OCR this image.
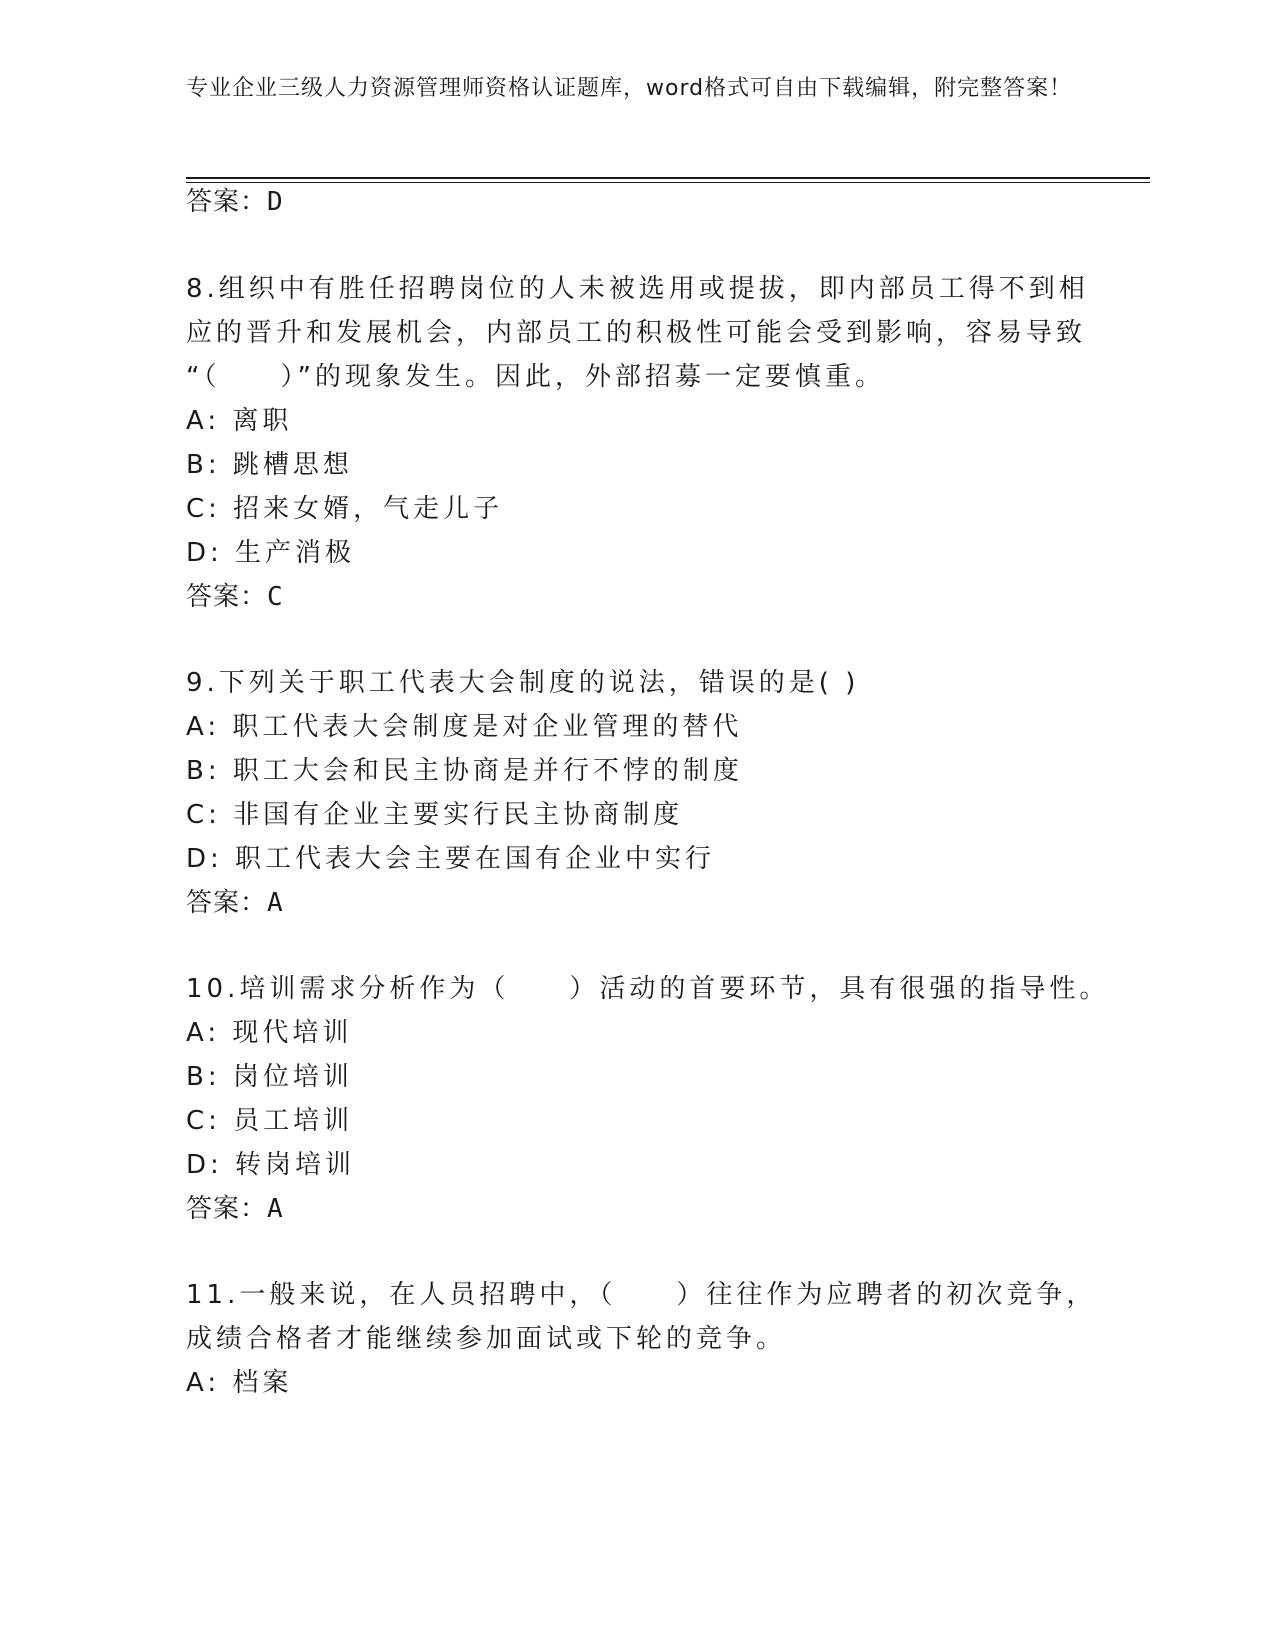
专业企业三级人力资源管理师资格认证题库，word格式可自由下载编辑，附完整答案！
答案：D
8.组织中有胜任招聘岗位的人未被选用或提拔，即内部员工得不到相
应的晋升和发展机会，内部员工的积极性可能会受到影响，容易导致
“（　　）”的现象发生。因此，外部招募一定要慎重。
A: 离职
B: 跳槽思想
C: 招来女婿，气走儿子
D: 生产消极
答案：C
9.下列关于职工代表大会制度的说法，错误的是( )
A: 职工代表大会制度是对企业管理的替代
B: 职工大会和民主协商是并行不悖的制度
C: 非国有企业主要实行民主协商制度
D: 职工代表大会主要在国有企业中实行
答案：A
10.培训需求分析作为（　　）活动的首要环节，具有很强的指导性。
A: 现代培训
B: 岗位培训
C: 员工培训
D: 转岗培训
答案：A
11.一般来说，在人员招聘中，（　　）往往作为应聘者的初次竞争，
成绩合格者才能继续参加面试或下轮的竞争。
A: 档案
